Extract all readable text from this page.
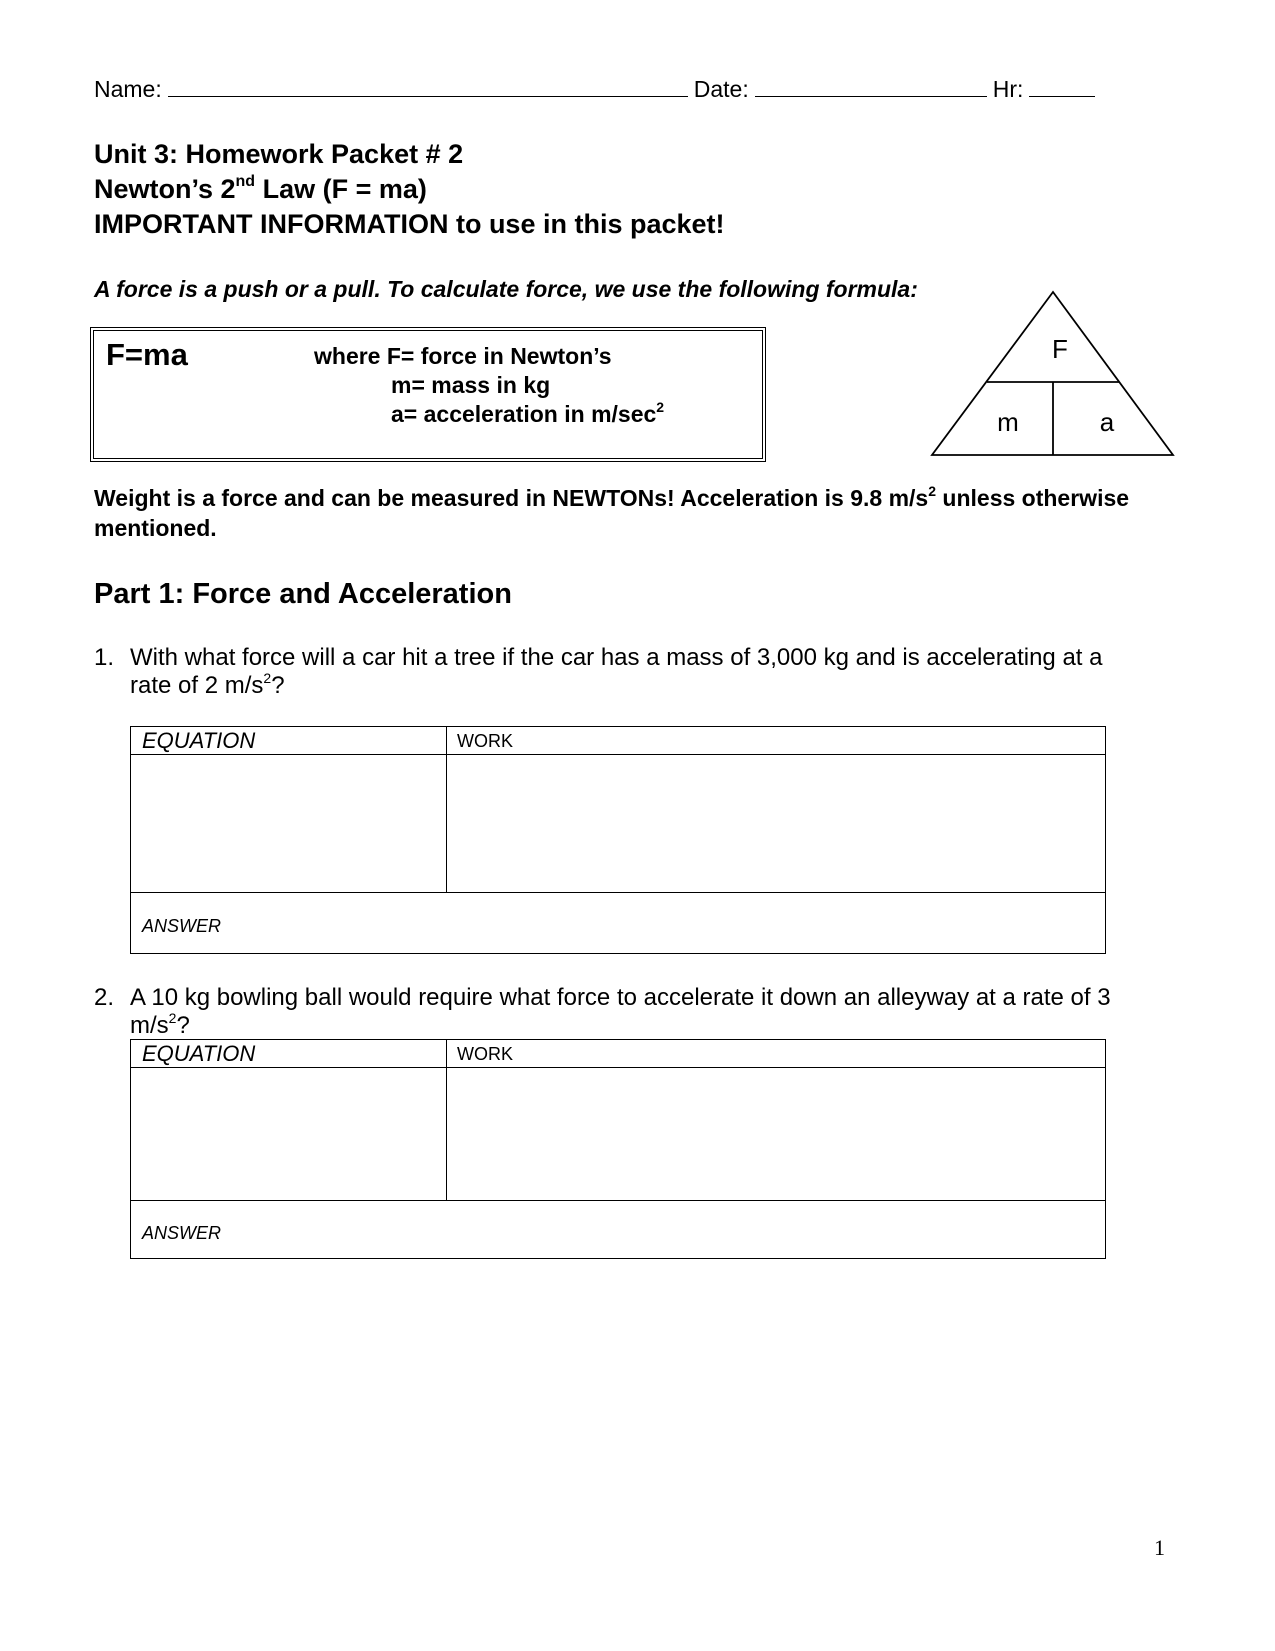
Name:	Date:	Hr:
Unit 3: Homework Packet # 2
Newton’s 2nd Law (F = ma)
IMPORTANT INFORMATION to use in this packet!
A force is a push or a pull. To calculate force, we use the following formula:
F=ma	where F= force in Newton’s
m= mass in kg
a= acceleration in $m/\sec^2$
F
m	a
Weight is a force and can be measured in NEWTONs! Acceleration is 9.8 $m/s^2$ unless otherwise mentioned.
Part 1: Force and Acceleration
1. With what force will a car hit a tree if the car has a mass of 3,000 kg and is accelerating at a rate of 2 $m/s^2$?
EQUATION	WORK
ANSWER
2. A 10 kg bowling ball would require what force to accelerate it down an alleyway at a rate of 3 $m/s^2$?
EQUATION	WORK
ANSWER
1
